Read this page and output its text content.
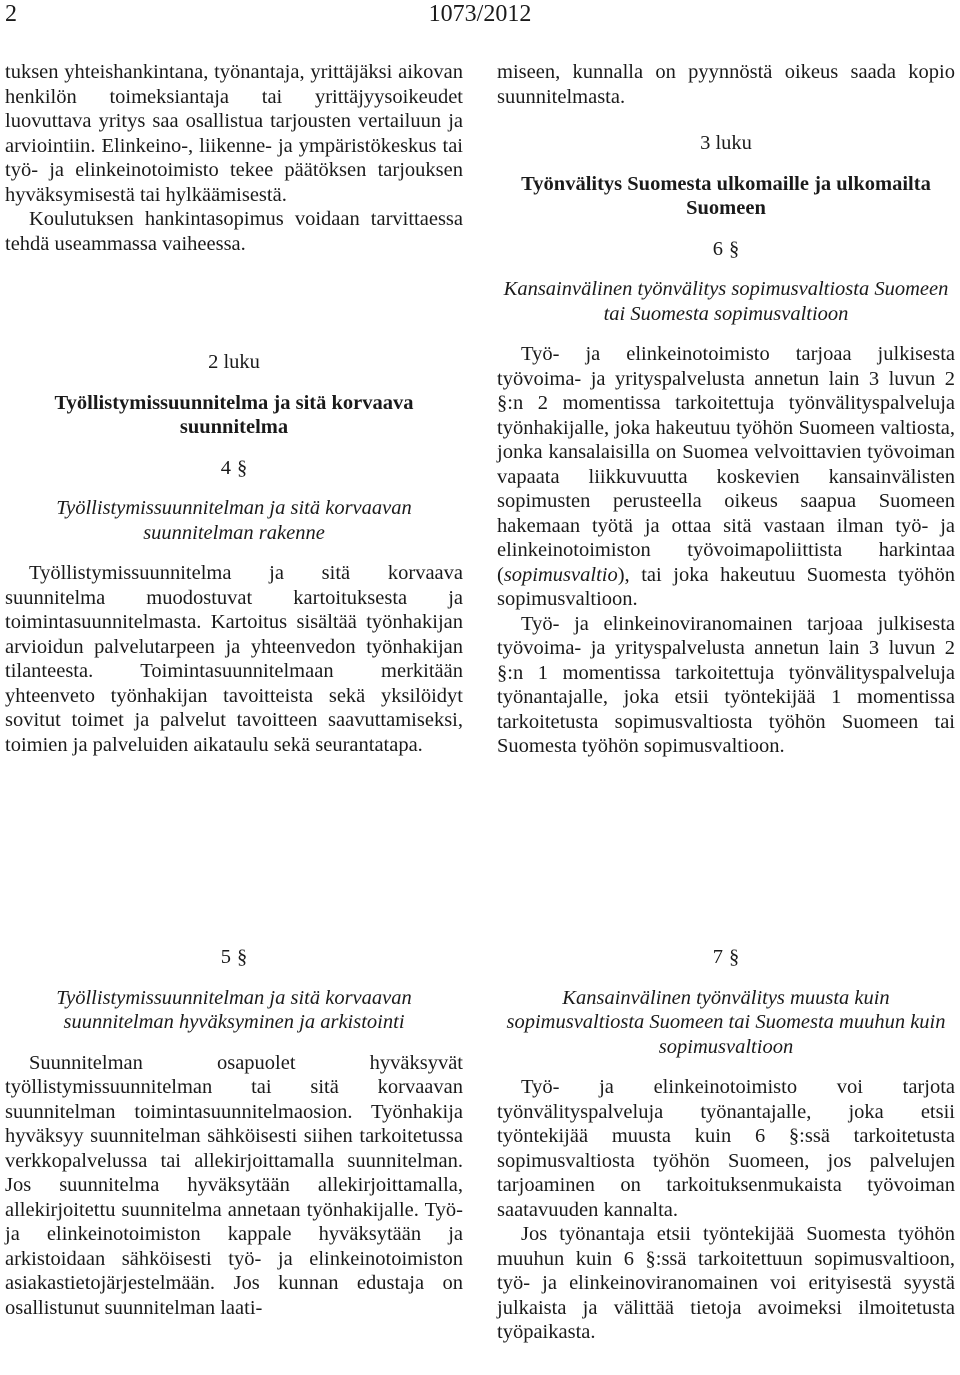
2	1073/2012

tuksen yhteishankintana, työnantaja, yrittäjäksi aikovan henkilön toimeksiantaja tai yrittäjyysoikeudet luovuttava yritys saa osallistua tarjousten vertailuun ja arviointiin. Elinkeino-, liikenne- ja ympäristökeskus tai työ- ja elinkeinotoimisto tekee päätöksen tarjouksen hyväksymisestä tai hylkäämisestä.

Koulutuksen hankintasopimus voidaan tarvittaessa tehdä useammassa vaiheessa.

2 luku
Työllistymissuunnitelma ja sitä korvaava suunnitelma
4 §
Työllistymissuunnitelman ja sitä korvaavan suunnitelman rakenne

Työllistymissuunnitelma ja sitä korvaava suunnitelma muodostuvat kartoituksesta ja toimintasuunnitelmasta. Kartoitus sisältää työnhakijan arvioidun palvelutarpeen ja yhteenvedon työnhakijan tilanteesta. Toimintasuunnitelmaan merkitään yhteenveto työnhakijan tavoitteista sekä yksilöidyt sovitut toimet ja palvelut tavoitteen saavuttamiseksi, toimien ja palveluiden aikataulu sekä seurantatapa.

miseen, kunnalla on pyynnöstä oikeus saada kopio suunnitelmasta.

3 luku
Työnvälitys Suomesta ulkomaille ja ulkomailta Suomeen
6 §
Kansainvälinen työnvälitys sopimusvaltiosta Suomeen tai Suomesta sopimusvaltioon

Työ- ja elinkeinotoimisto tarjoaa julkisesta työvoima- ja yrityspalvelusta annetun lain 3 luvun 2 §:n 2 momentissa tarkoitettuja työnvälityspalveluja työnhakijalle, joka hakeutuu työhön Suomeen valtiosta, jonka kansalaisilla on Suomea velvoittavien työvoiman vapaata liikkuvuutta koskevien kansainvälisten sopimusten perusteella oikeus saapua Suomeen hakemaan työtä ja ottaa sitä vastaan ilman työ- ja elinkeinotoimiston työvoimapoliittista harkintaa (sopimusvaltio), tai joka hakeutuu Suomesta työhön sopimusvaltioon.

Työ- ja elinkeinoviranomainen tarjoaa julkisesta työvoima- ja yrityspalvelusta annetun lain 3 luvun 2 §:n 1 momentissa tarkoitettuja työnvälityspalveluja työnantajalle, joka etsii työntekijää 1 momentissa tarkoitetusta sopimusvaltiosta työhön Suomeen tai Suomesta työhön sopimusvaltioon.

5 §
Työllistymissuunnitelman ja sitä korvaavan suunnitelman hyväksyminen ja arkistointi

Suunnitelman osapuolet hyväksyvät työllistymissuunnitelman tai sitä korvaavan suunnitelman toimintasuunnitelmaosion. Työnhakija hyväksyy suunnitelman sähköisesti siihen tarkoitetussa verkkopalvelussa tai allekirjoittamalla suunnitelman. Jos suunnitelma hyväksytään allekirjoittamalla, allekirjoitettu suunnitelma annetaan työnhakijalle. Työ- ja elinkeinotoimiston kappale hyväksytään ja arkistoidaan sähköisesti työ- ja elinkeinotoimiston asiakastietojärjestelmään. Jos kunnan edustaja on osallistunut suunnitelman laati-

7 §
Kansainvälinen työnvälitys muusta kuin sopimusvaltiosta Suomeen tai Suomesta muuhun kuin sopimusvaltioon

Työ- ja elinkeinotoimisto voi tarjota työnvälityspalveluja työnantajalle, joka etsii työntekijää muusta kuin 6 §:ssä tarkoitetusta sopimusvaltiosta työhön Suomeen, jos palvelujen tarjoaminen on tarkoituksenmukaista työvoiman saatavuuden kannalta.

Jos työnantaja etsii työntekijää Suomesta työhön muuhun kuin 6 §:ssä tarkoitettuun sopimusvaltioon, työ- ja elinkeinoviranomainen voi erityisestä syystä julkaista ja välittää tietoja avoimeksi ilmoitetusta työpaikasta.
